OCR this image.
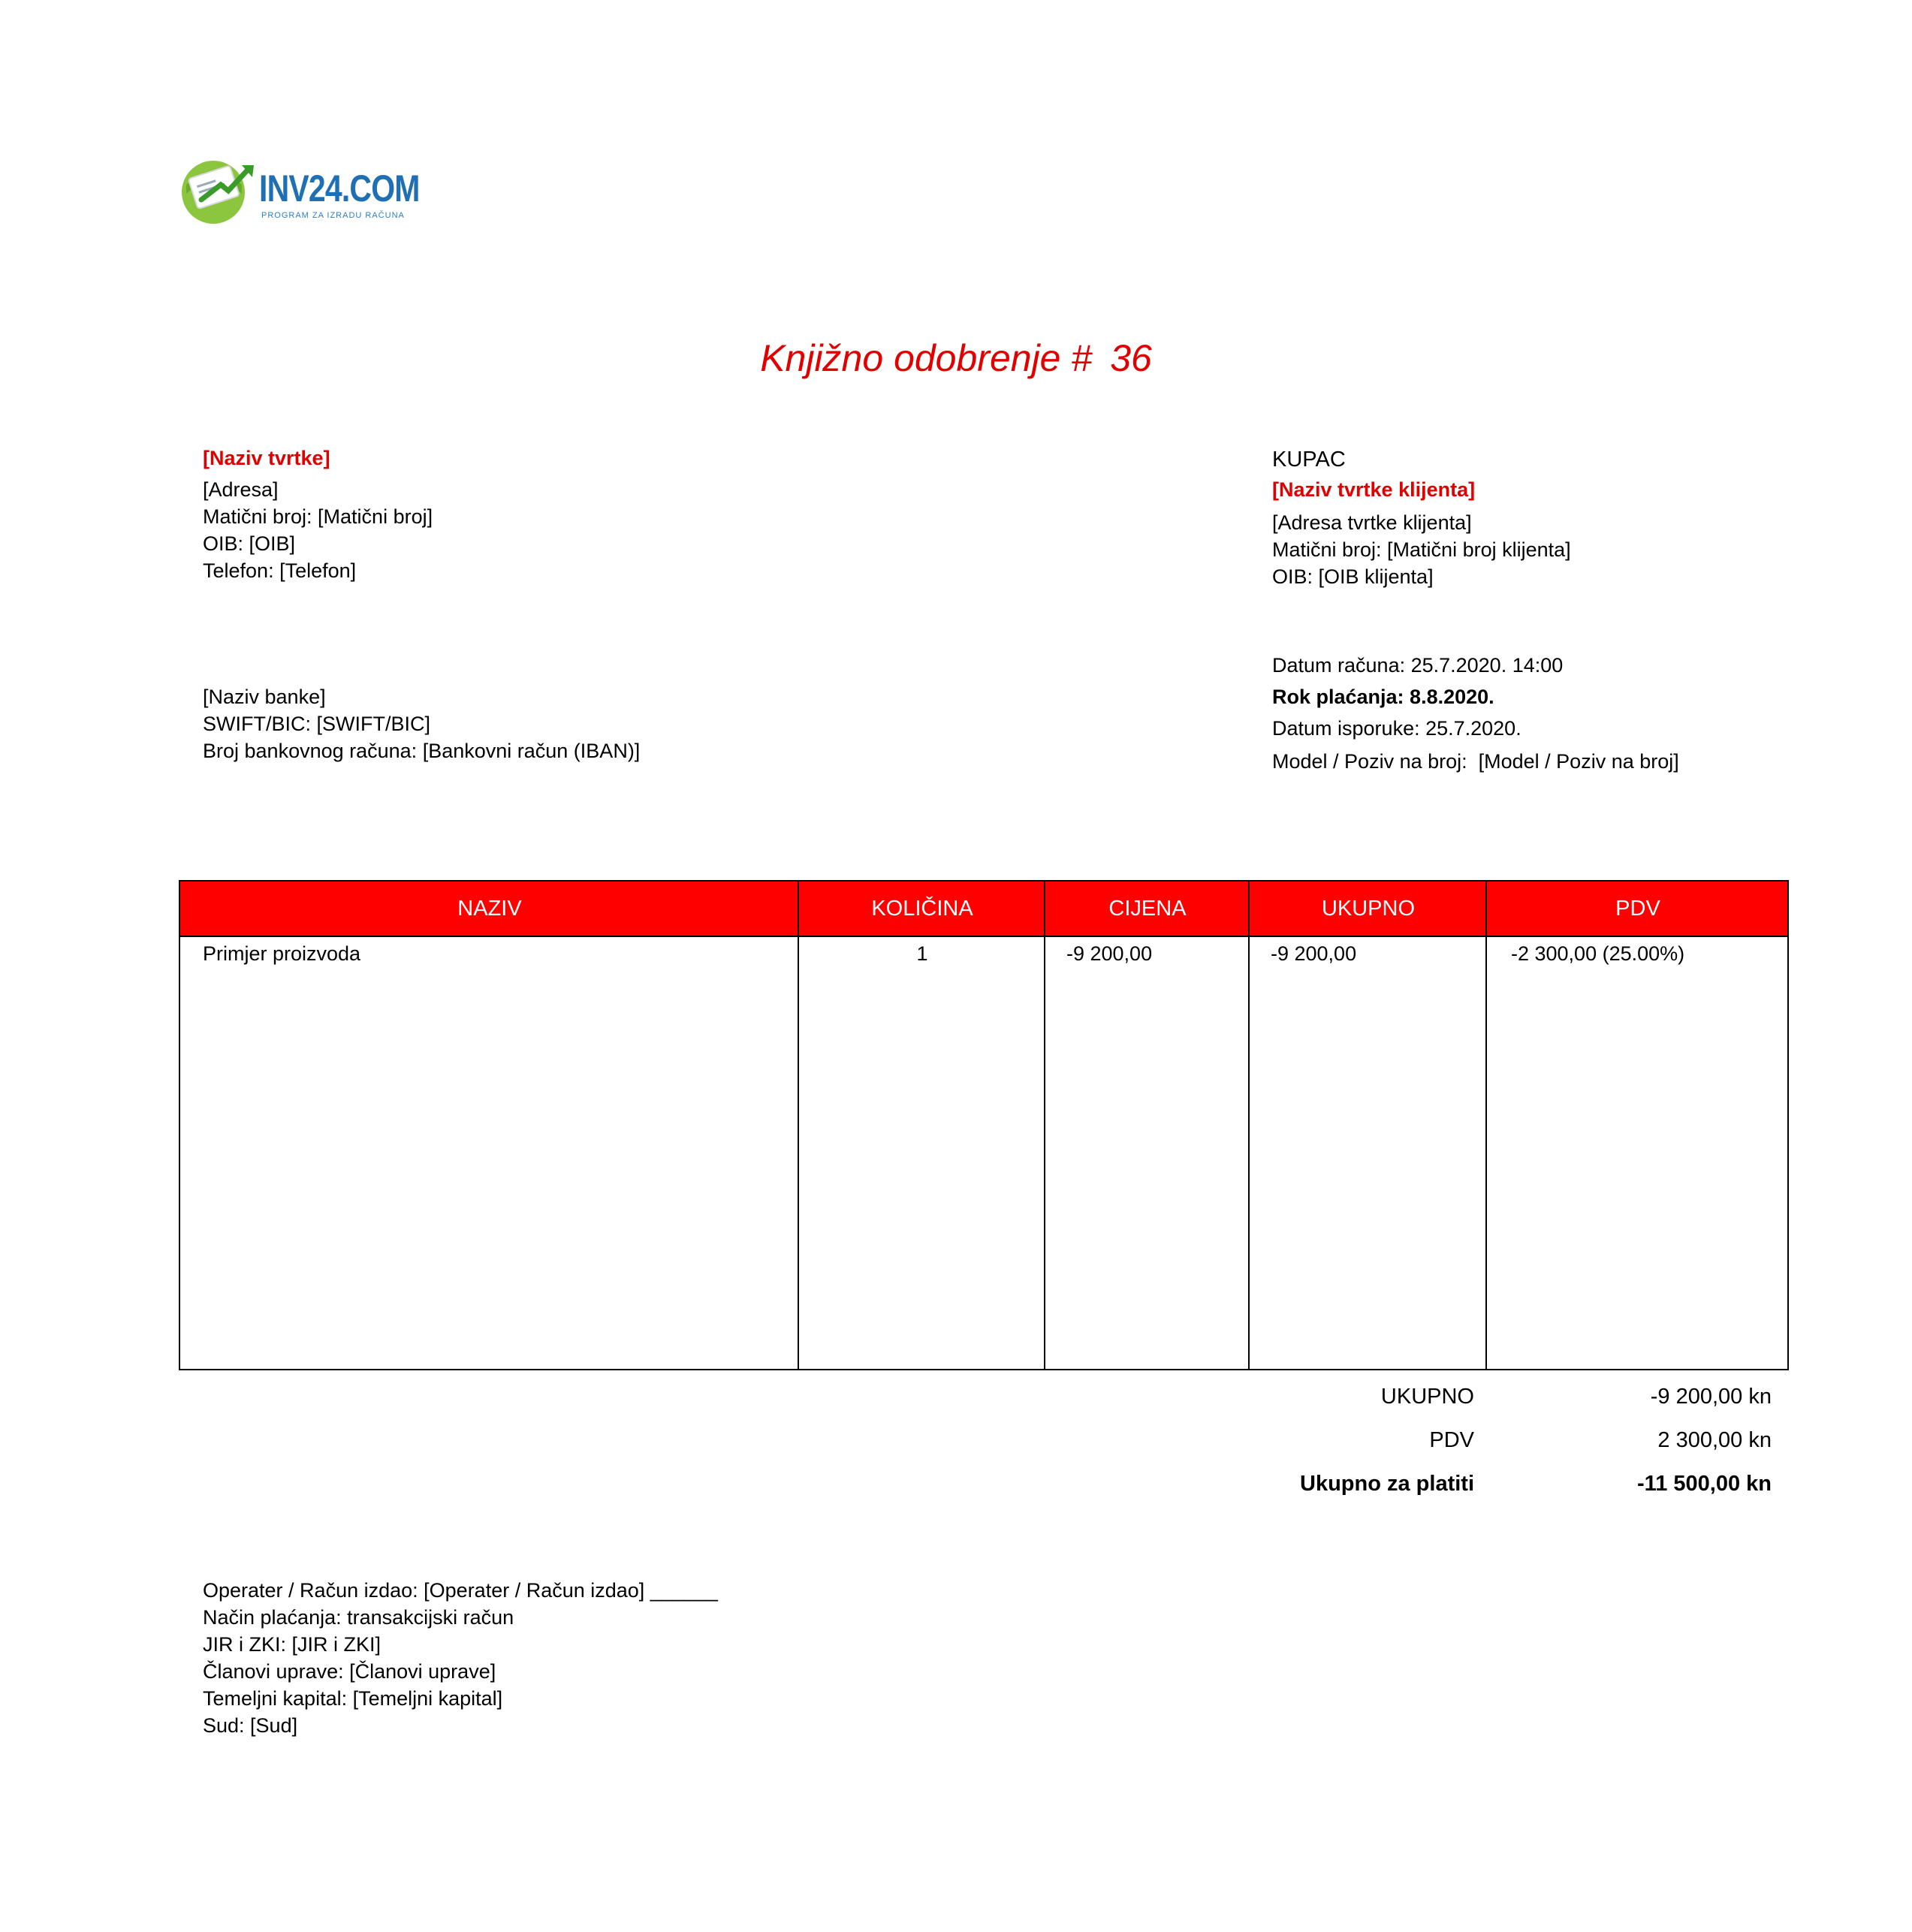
INV24.COM
PROGRAM ZA IZRADU RAČUNA
Knjižno odobrenje # 36
[Naziv tvrtke]
[Adresa]
Matični broj: [Matični broj]
OIB: [OIB]
Telefon: [Telefon]
[Naziv banke]
SWIFT/BIC: [SWIFT/BIC]
Broj bankovnog računa: [Bankovni račun (IBAN)]
KUPAC
[Naziv tvrtke klijenta]
[Adresa tvrtke klijenta]
Matični broj: [Matični broj klijenta]
OIB: [OIB klijenta]
Datum računa: 25.7.2020. 14:00
Rok plaćanja: 8.8.2020.
Datum isporuke: 25.7.2020.
Model / Poziv na broj:  [Model / Poziv na broj]
NAZIV	KOLIČINA	CIJENA	UKUPNO	PDV
Primjer proizvoda	1	-9 200,00	-9 200,00	-2 300,00 (25.00%)
UKUPNO	-9 200,00 kn
PDV	2 300,00 kn
Ukupno za platiti	-11 500,00 kn
Operater / Račun izdao: [Operater / Račun izdao] ______
Način plaćanja: transakcijski račun
JIR i ZKI: [JIR i ZKI]
Članovi uprave: [Članovi uprave]
Temeljni kapital: [Temeljni kapital]
Sud: [Sud]
